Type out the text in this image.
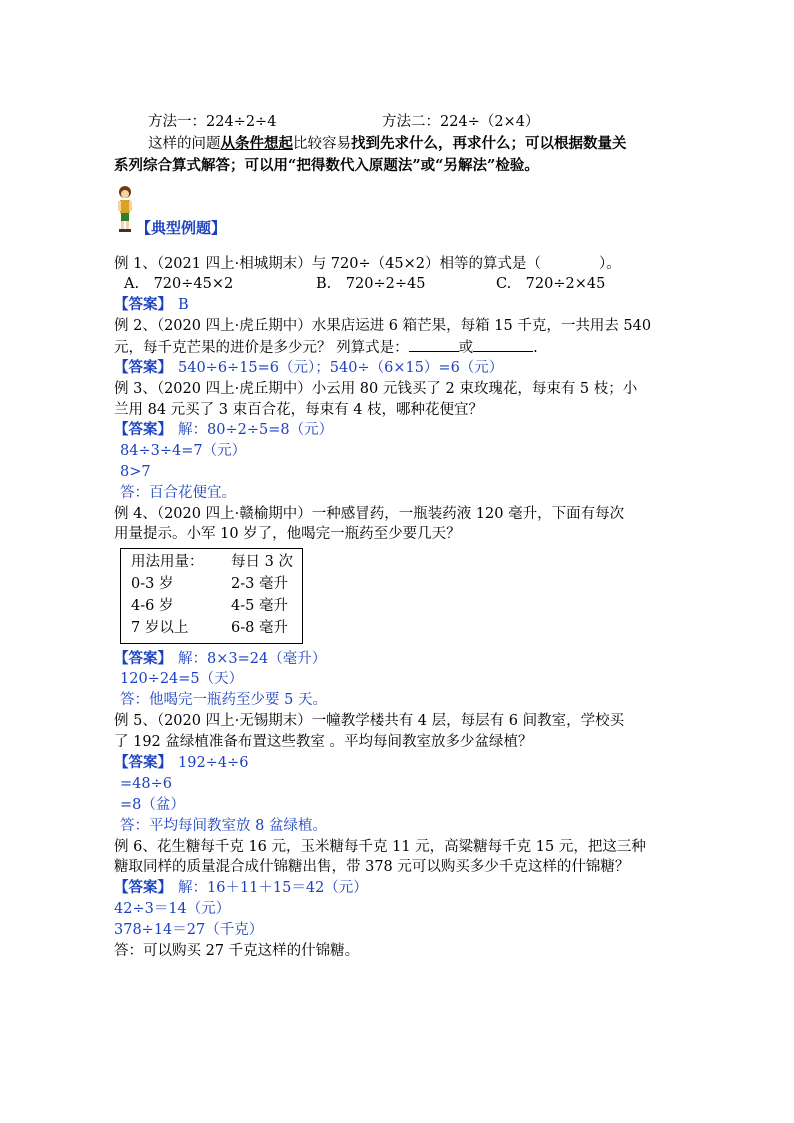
方法一：224÷2÷4	方法二：224÷（2×4）
这样的问题从条件想起比较容易找到先求什么，再求什么；可以根据数量关
系列综合算式解答；可以用“把得数代入原题法”或“另解法”检验。
【典型例题】
例 1、（2021 四上·相城期末）与 720÷（45×2）相等的算式是（　　　　）。
A.　720÷45×2	B.　720÷2÷45	C.　720÷2×45
【答案】 B
例 2、（2020 四上·虎丘期中）水果店运进 6 箱芒果，每箱 15 千克，一共用去 540
元，每千克芒果的进价是多少元？ 列算式是：	或	.
【答案】 540÷6÷15=6（元）；540÷（6×15）=6（元）
例 3、（2020 四上·虎丘期中）小云用 80 元钱买了 2 束玫瑰花，每束有 5 枝；小
兰用 84 元买了 3 束百合花，每束有 4 枝，哪种花便宜？
【答案】 解：80÷2÷5=8（元）
84÷3÷4=7（元）
8>7
答：百合花便宜。
例 4、（2020 四上·赣榆期中）一种感冒药，一瓶装药液 120 毫升，下面有每次
用量提示。小军 10 岁了，他喝完一瓶药至少要几天？
用法用量： 每日 3 次
0-3 岁	2-3 毫升
4-6 岁	4-5 毫升
7 岁以上	6-8 毫升
【答案】 解：8×3=24（毫升）
120÷24=5（天）
答：他喝完一瓶药至少要 5 天。
例 5、（2020 四上·无锡期末）一幢教学楼共有 4 层，每层有 6 间教室，学校买
了 192 盆绿植准备布置这些教室 。平均每间教室放多少盆绿植？
【答案】 192÷4÷6
=48÷6
=8（盆）
答：平均每间教室放 8 盆绿植。
例 6、花生糖每千克 16 元，玉米糖每千克 11 元，高粱糖每千克 15 元，把这三种
糖取同样的质量混合成什锦糖出售，带 378 元可以购买多少千克这样的什锦糖？
【答案】 解：16＋11＋15＝42（元）
42÷3＝14（元）
378÷14＝27（千克）
答：可以购买 27 千克这样的什锦糖。
